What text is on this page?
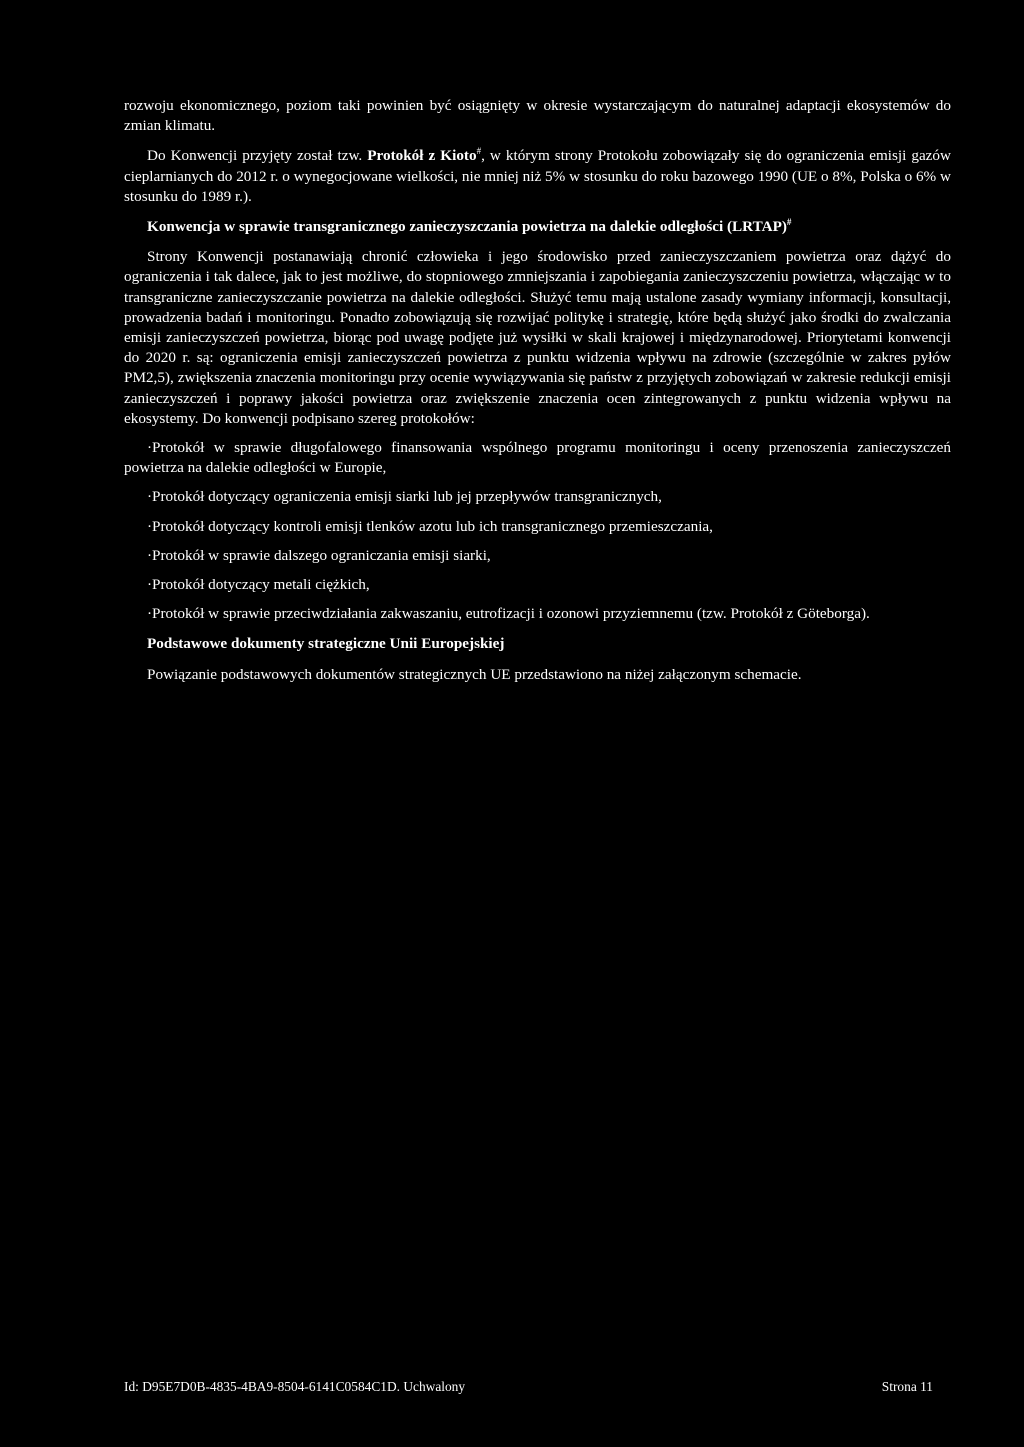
rozwoju ekonomicznego, poziom taki powinien być osiągnięty w okresie wystarczającym do naturalnej adaptacji ekosystemów do zmian klimatu.

Do Konwencji przyjęty został tzw. Protokół z Kioto#, w którym strony Protokołu zobowiązały się do ograniczenia emisji gazów cieplarnianych do 2012 r. o wynegocjowane wielkości, nie mniej niż 5% w stosunku do roku bazowego 1990 (UE o 8%, Polska o 6% w stosunku do 1989 r.).

Konwencja w sprawie transgranicznego zanieczyszczania powietrza na dalekie odległości (LRTAP)#

Strony Konwencji postanawiają chronić człowieka i jego środowisko przed zanieczyszczaniem powietrza oraz dążyć do ograniczenia i tak dalece, jak to jest możliwe, do stopniowego zmniejszania i zapobiegania zanieczyszczeniu powietrza, włączając w to transgraniczne zanieczyszczanie powietrza na dalekie odległości. Służyć temu mają ustalone zasady wymiany informacji, konsultacji, prowadzenia badań i monitoringu. Ponadto zobowiązują się rozwijać politykę i strategię, które będą służyć jako środki do zwalczania emisji zanieczyszczeń powietrza, biorąc pod uwagę podjęte już wysiłki w skali krajowej i międzynarodowej. Priorytetami konwencji do 2020 r. są: ograniczenia emisji zanieczyszczeń powietrza z punktu widzenia wpływu na zdrowie (szczególnie w zakres pyłów PM2,5), zwiększenia znaczenia monitoringu przy ocenie wywiązywania się państw z przyjętych zobowiązań w zakresie redukcji emisji zanieczyszczeń i poprawy jakości powietrza oraz zwiększenie znaczenia ocen zintegrowanych z punktu widzenia wpływu na ekosystemy. Do konwencji podpisano szereg protokołów:

·Protokół w sprawie długofalowego finansowania wspólnego programu monitoringu i oceny przenoszenia zanieczyszczeń powietrza na dalekie odległości w Europie,
·Protokół dotyczący ograniczenia emisji siarki lub jej przepływów transgranicznych,
·Protokół dotyczący kontroli emisji tlenków azotu lub ich transgranicznego przemieszczania,
·Protokół w sprawie dalszego ograniczania emisji siarki,
·Protokół dotyczący metali ciężkich,
·Protokół w sprawie przeciwdziałania zakwaszaniu, eutrofizacji i ozonowi przyziemnemu (tzw. Protokół z Göteborga).

Podstawowe dokumenty strategiczne Unii Europejskiej

Powiązanie podstawowych dokumentów strategicznych UE przedstawiono na niżej załączonym schemacie.

Id: D95E7D0B-4835-4BA9-8504-6141C0584C1D. Uchwalony	Strona 11
